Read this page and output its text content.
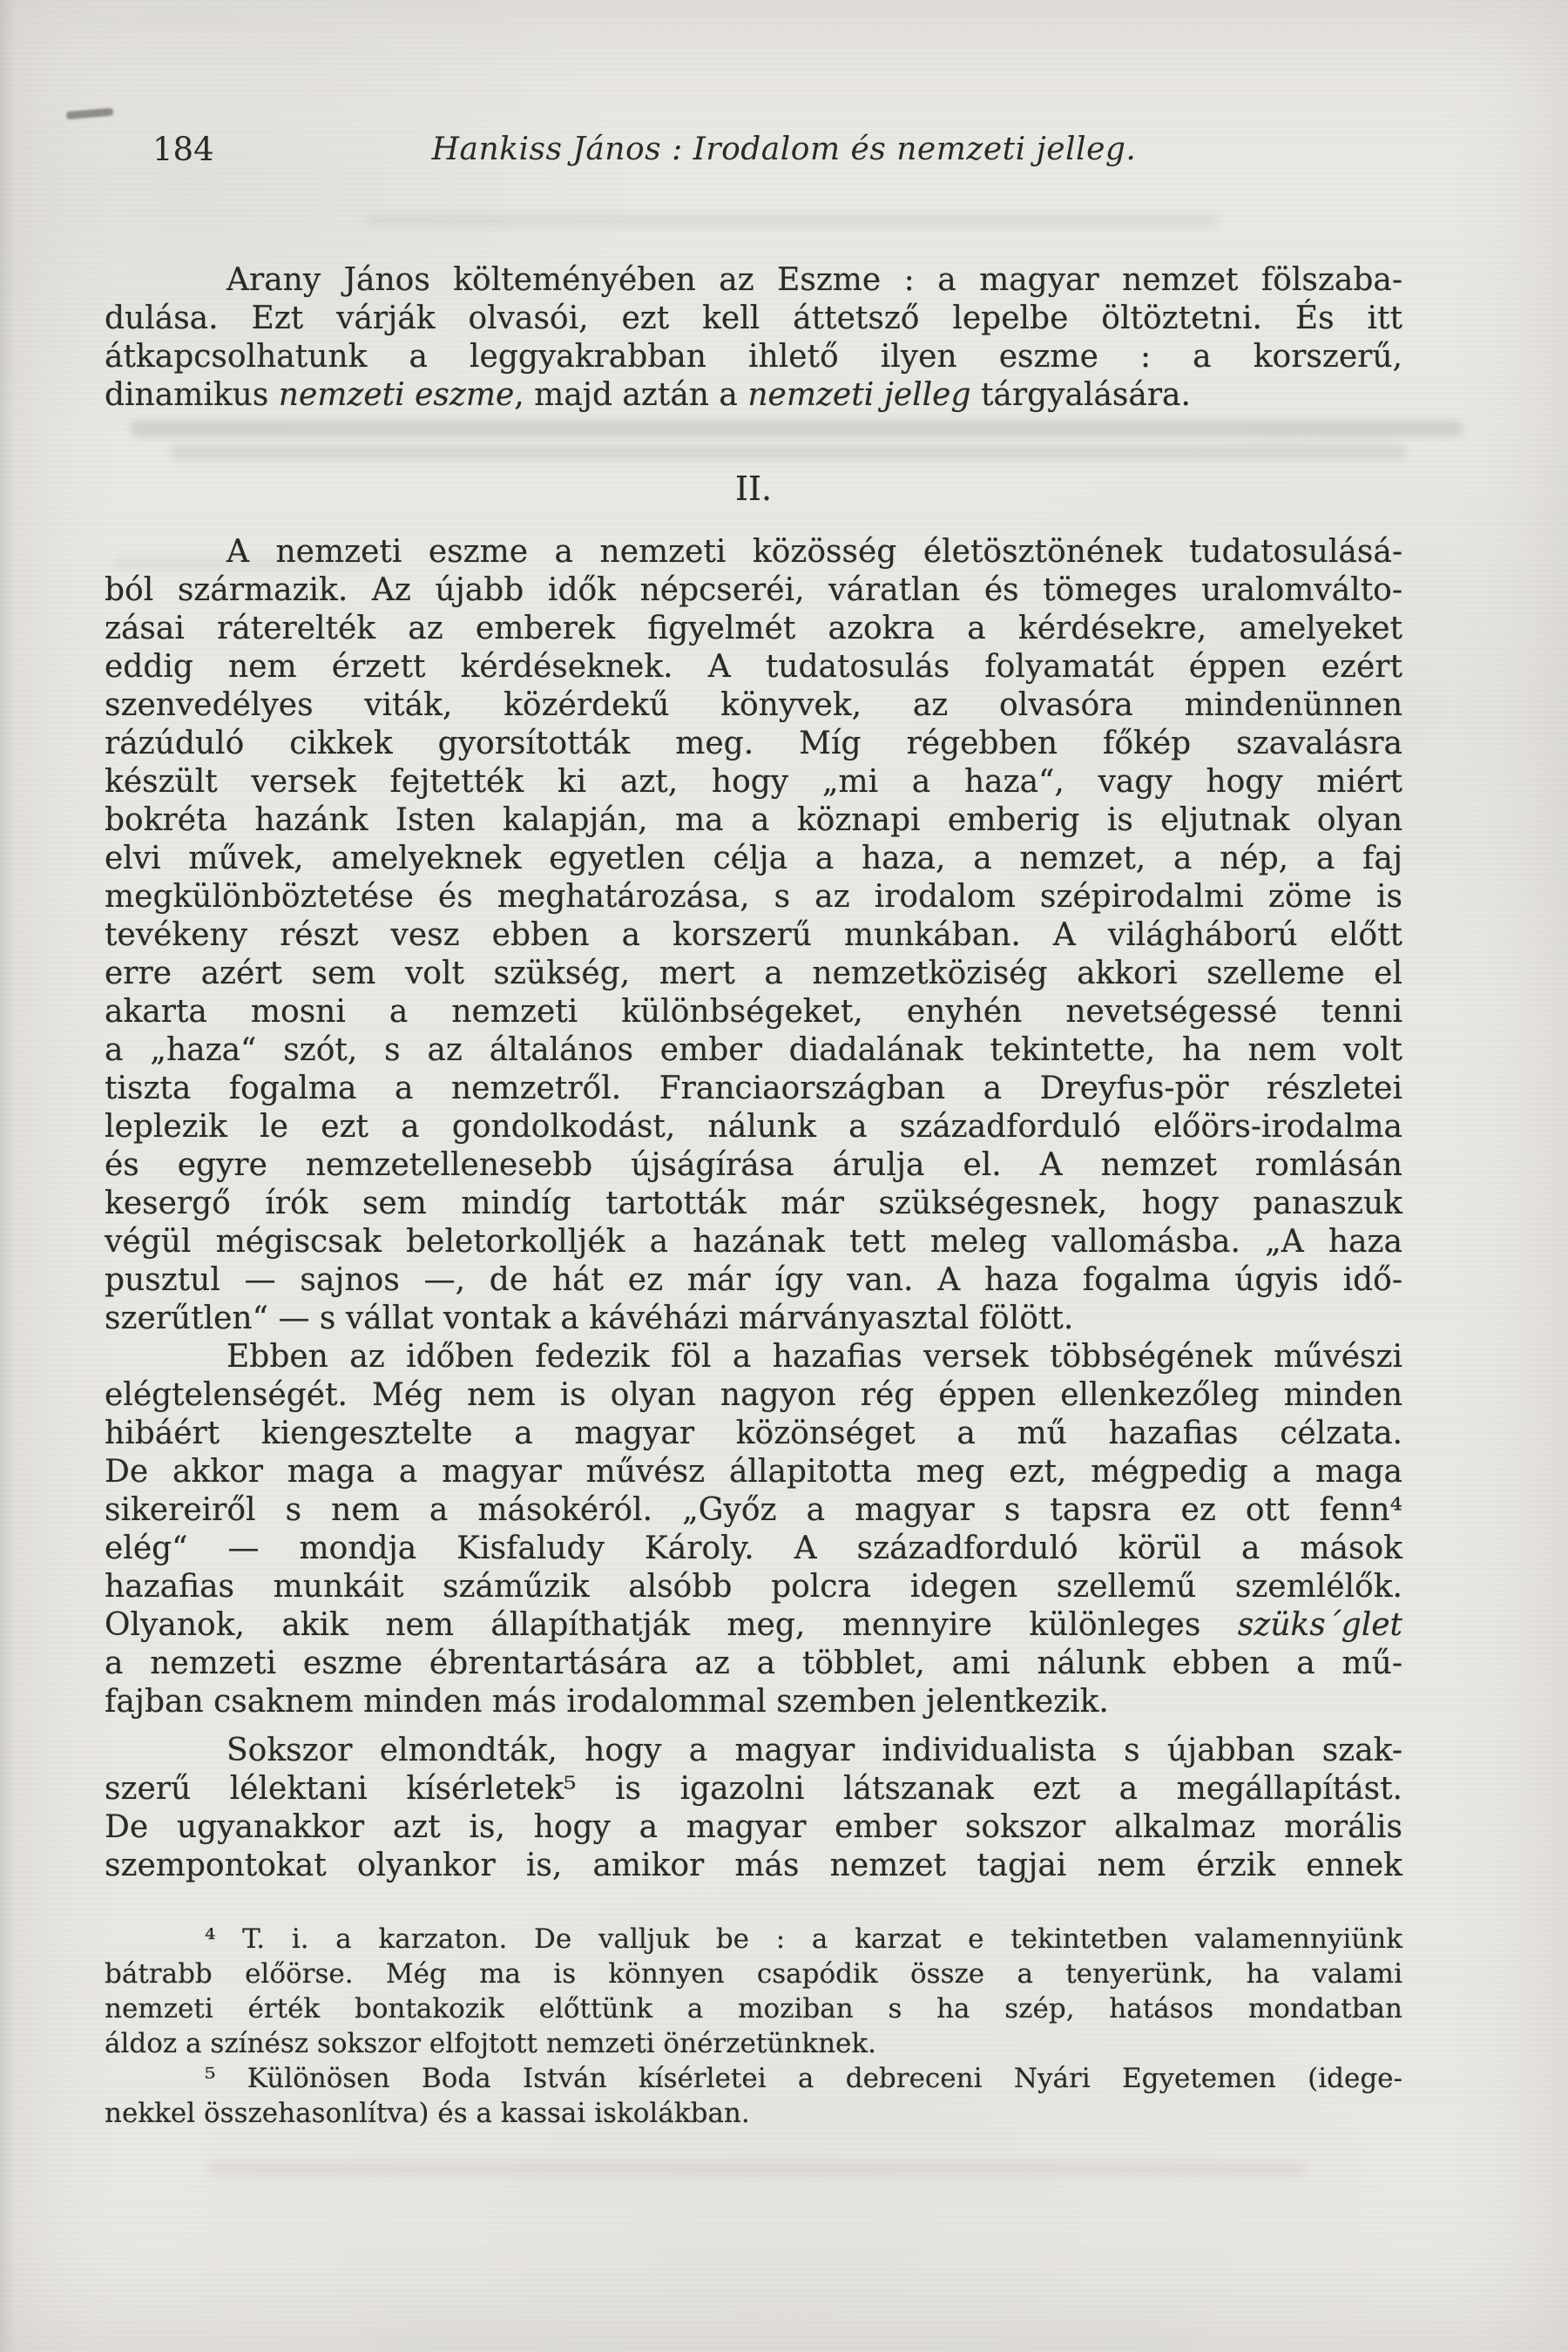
184	Hankiss János : Irodalom és nemzeti jelleg.
Arany János költeményében az Eszme : a magyar nemzet fölszaba-
dulása. Ezt várják olvasói, ezt kell áttetsző lepelbe öltöztetni. És itt
átkapcsolhatunk a leggyakrabban ihlető ilyen eszme : a korszerű,
dinamikus nemzeti eszme, majd aztán a nemzeti jelleg tárgyalására.
II.
A nemzeti eszme a nemzeti közösség életösztönének tudatosulásá-
ból származik. Az újabb idők népcseréi, váratlan és tömeges uralomválto-
zásai ráterelték az emberek figyelmét azokra a kérdésekre, amelyeket
eddig nem érzett kérdéseknek. A tudatosulás folyamatát éppen ezért
szenvedélyes viták, közérdekű könyvek, az olvasóra mindenünnen
rázúduló cikkek gyorsították meg. Míg régebben főkép szavalásra
készült versek fejtették ki azt, hogy „mi a haza“, vagy hogy miért
bokréta hazánk Isten kalapján, ma a köznapi emberig is eljutnak olyan
elvi művek, amelyeknek egyetlen célja a haza, a nemzet, a nép, a faj
megkülönböztetése és meghatározása, s az irodalom szépirodalmi zöme is
tevékeny részt vesz ebben a korszerű munkában. A világháború előtt
erre azért sem volt szükség, mert a nemzetköziség akkori szelleme el
akarta mosni a nemzeti különbségeket, enyhén nevetségessé tenni
a „haza“ szót, s az általános ember diadalának tekintette, ha nem volt
tiszta fogalma a nemzetről. Franciaországban a Dreyfus-pör részletei
leplezik le ezt a gondolkodást, nálunk a századforduló előörs-irodalma
és egyre nemzetellenesebb újságírása árulja el. A nemzet romlásán
kesergő írók sem mindíg tartották már szükségesnek, hogy panaszuk
végül mégiscsak beletorkolljék a hazának tett meleg vallomásba. „A haza
pusztul — sajnos —, de hát ez már így van. A haza fogalma úgyis idő-
szerűtlen“ — s vállat vontak a kávéházi márványasztal fölött.
Ebben az időben fedezik föl a hazafias versek többségének művészi
elégtelenségét. Még nem is olyan nagyon rég éppen ellenkezőleg minden
hibáért kiengesztelte a magyar közönséget a mű hazafias célzata.
De akkor maga a magyar művész állapitotta meg ezt, mégpedig a maga
sikereiről s nem a másokéról. „Győz a magyar s tapsra ez ott fenn⁴
elég“ — mondja Kisfaludy Károly. A századforduló körül a mások
hazafias munkáit száműzik alsóbb polcra idegen szellemű szemlélők.
Olyanok, akik nem állapíthatják meg, mennyire különleges szüks´glet
a nemzeti eszme ébrentartására az a többlet, ami nálunk ebben a mű-
fajban csaknem minden más irodalommal szemben jelentkezik.
Sokszor elmondták, hogy a magyar individualista s újabban szak-
szerű lélektani kísérletek⁵ is igazolni látszanak ezt a megállapítást.
De ugyanakkor azt is, hogy a magyar ember sokszor alkalmaz morális
szempontokat olyankor is, amikor más nemzet tagjai nem érzik ennek
⁴ T. i. a karzaton. De valljuk be : a karzat e tekintetben valamennyiünk
bátrabb előörse. Még ma is könnyen csapódik össze a tenyerünk, ha valami
nemzeti érték bontakozik előttünk a moziban s ha szép, hatásos mondatban
áldoz a színész sokszor elfojtott nemzeti önérzetünknek.
⁵ Különösen Boda István kísérletei a debreceni Nyári Egyetemen (idege-
nekkel összehasonlítva) és a kassai iskolákban.
